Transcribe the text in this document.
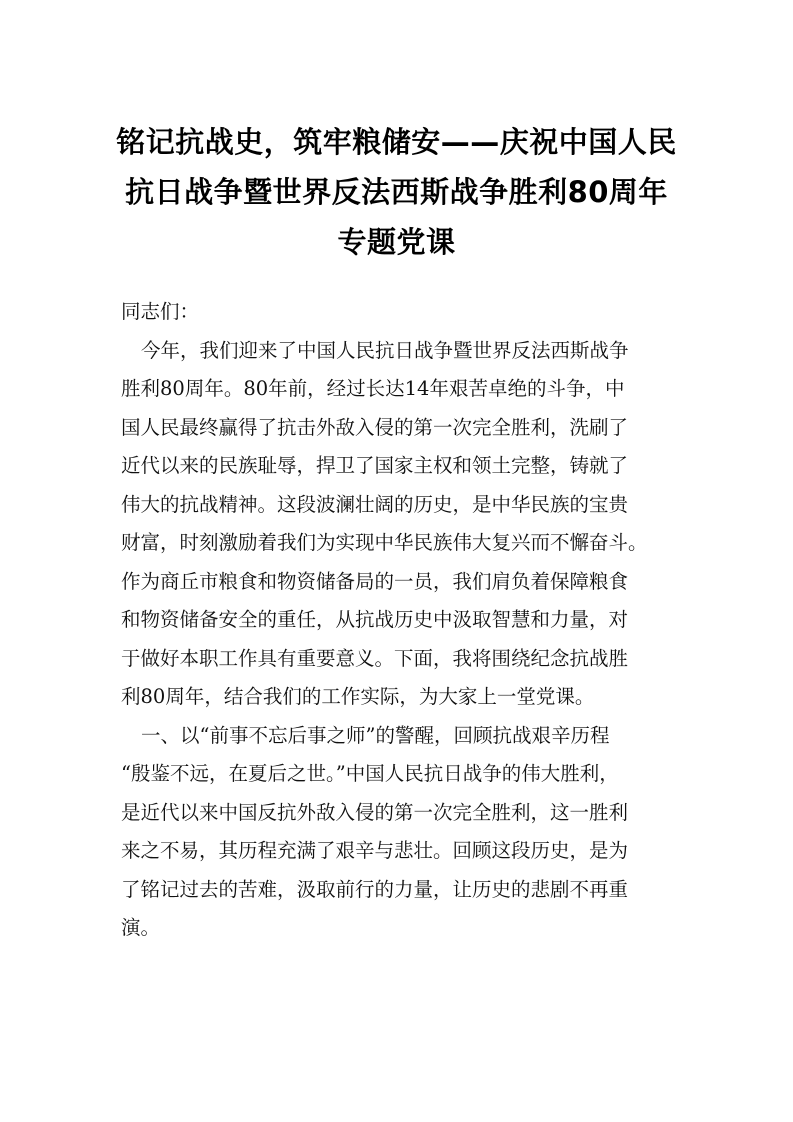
铭记抗战史，筑牢粮储安——庆祝中国人民
抗日战争暨世界反法西斯战争胜利80周年
专题党课
同志们：
今年，我们迎来了中国人民抗日战争暨世界反法西斯战争
胜利80周年。80年前，经过长达14年艰苦卓绝的斗争，中
国人民最终赢得了抗击外敌入侵的第一次完全胜利，洗刷了
近代以来的民族耻辱，捍卫了国家主权和领土完整，铸就了
伟大的抗战精神。这段波澜壮阔的历史，是中华民族的宝贵
财富，时刻激励着我们为实现中华民族伟大复兴而不懈奋斗。
作为商丘市粮食和物资储备局的一员，我们肩负着保障粮食
和物资储备安全的重任，从抗战历史中汲取智慧和力量，对
于做好本职工作具有重要意义。下面，我将围绕纪念抗战胜
利80周年，结合我们的工作实际，为大家上一堂党课。
一、以“前事不忘后事之师”的警醒，回顾抗战艰辛历程
“殷鉴不远，在夏后之世。”中国人民抗日战争的伟大胜利，
是近代以来中国反抗外敌入侵的第一次完全胜利，这一胜利
来之不易，其历程充满了艰辛与悲壮。回顾这段历史，是为
了铭记过去的苦难，汲取前行的力量，让历史的悲剧不再重
演。
